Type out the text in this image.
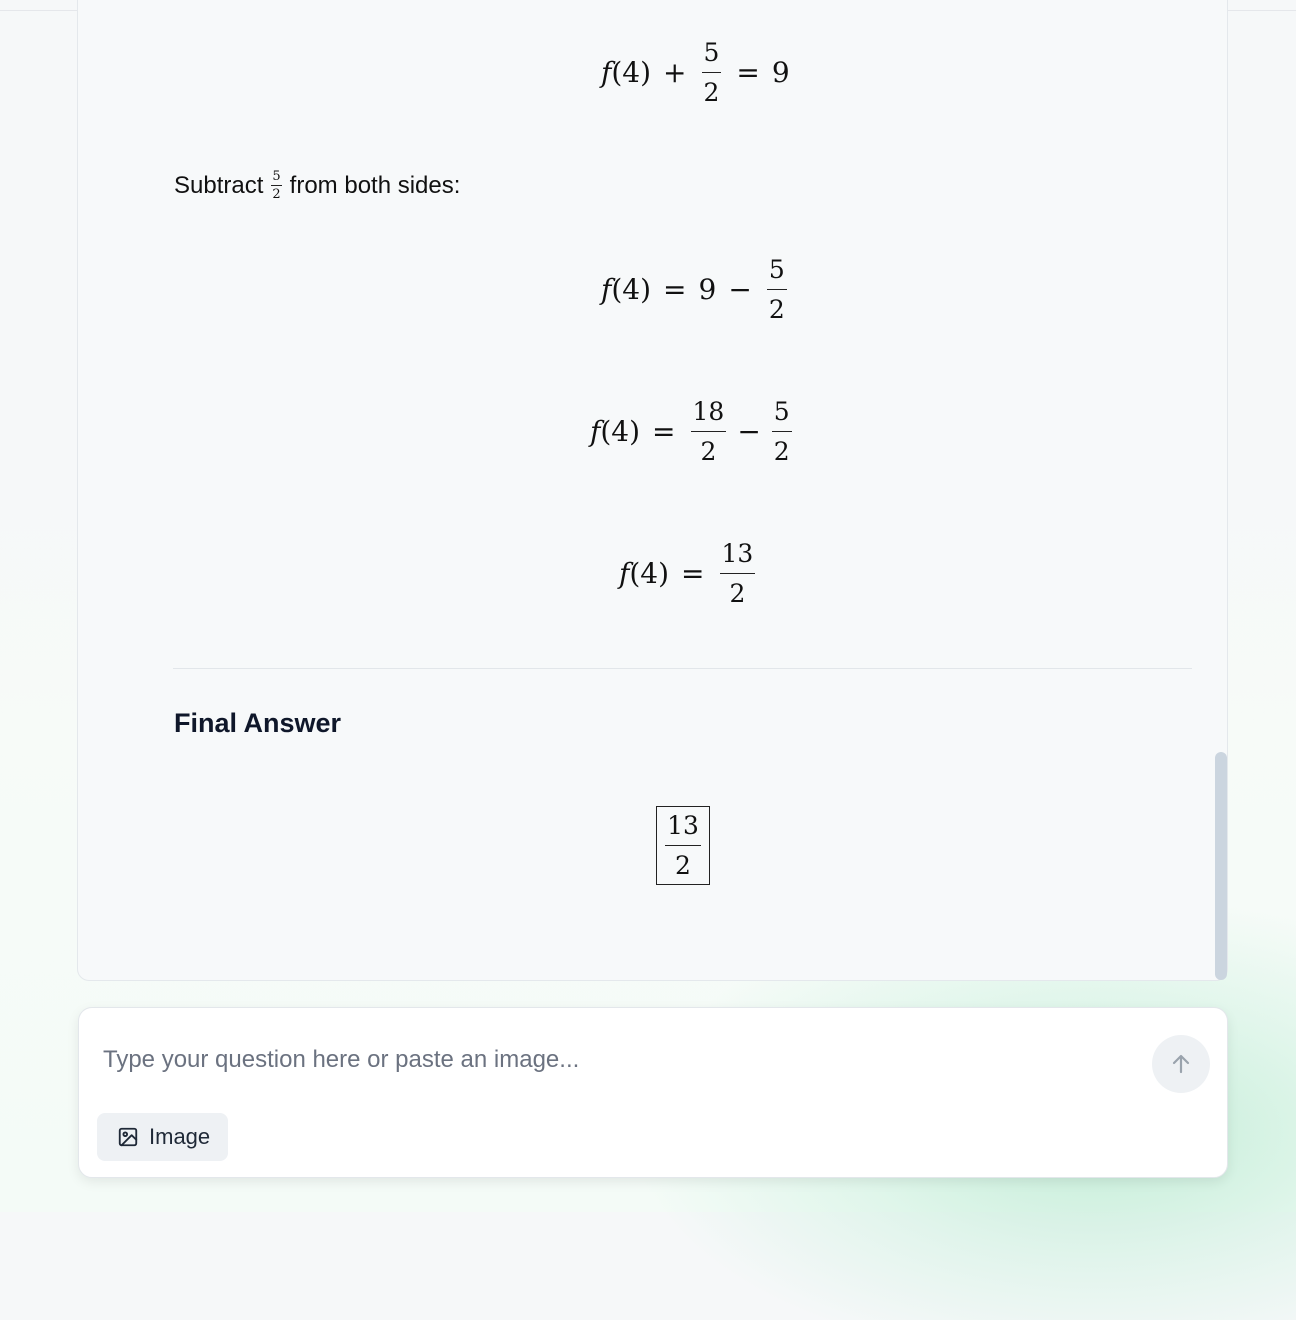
f $(4) + \frac{5}{2} = 9$
Subtract $\frac{5}{2}$ from both sides:
f $(4) = 9 - \frac{5}{2}$
f $(4) = \frac{18}{2} - \frac{5}{2}$
f $(4) = \frac{13}{2}$
Final Answer
$\frac{13}{2}$
Type your question here or paste an image...
Image
